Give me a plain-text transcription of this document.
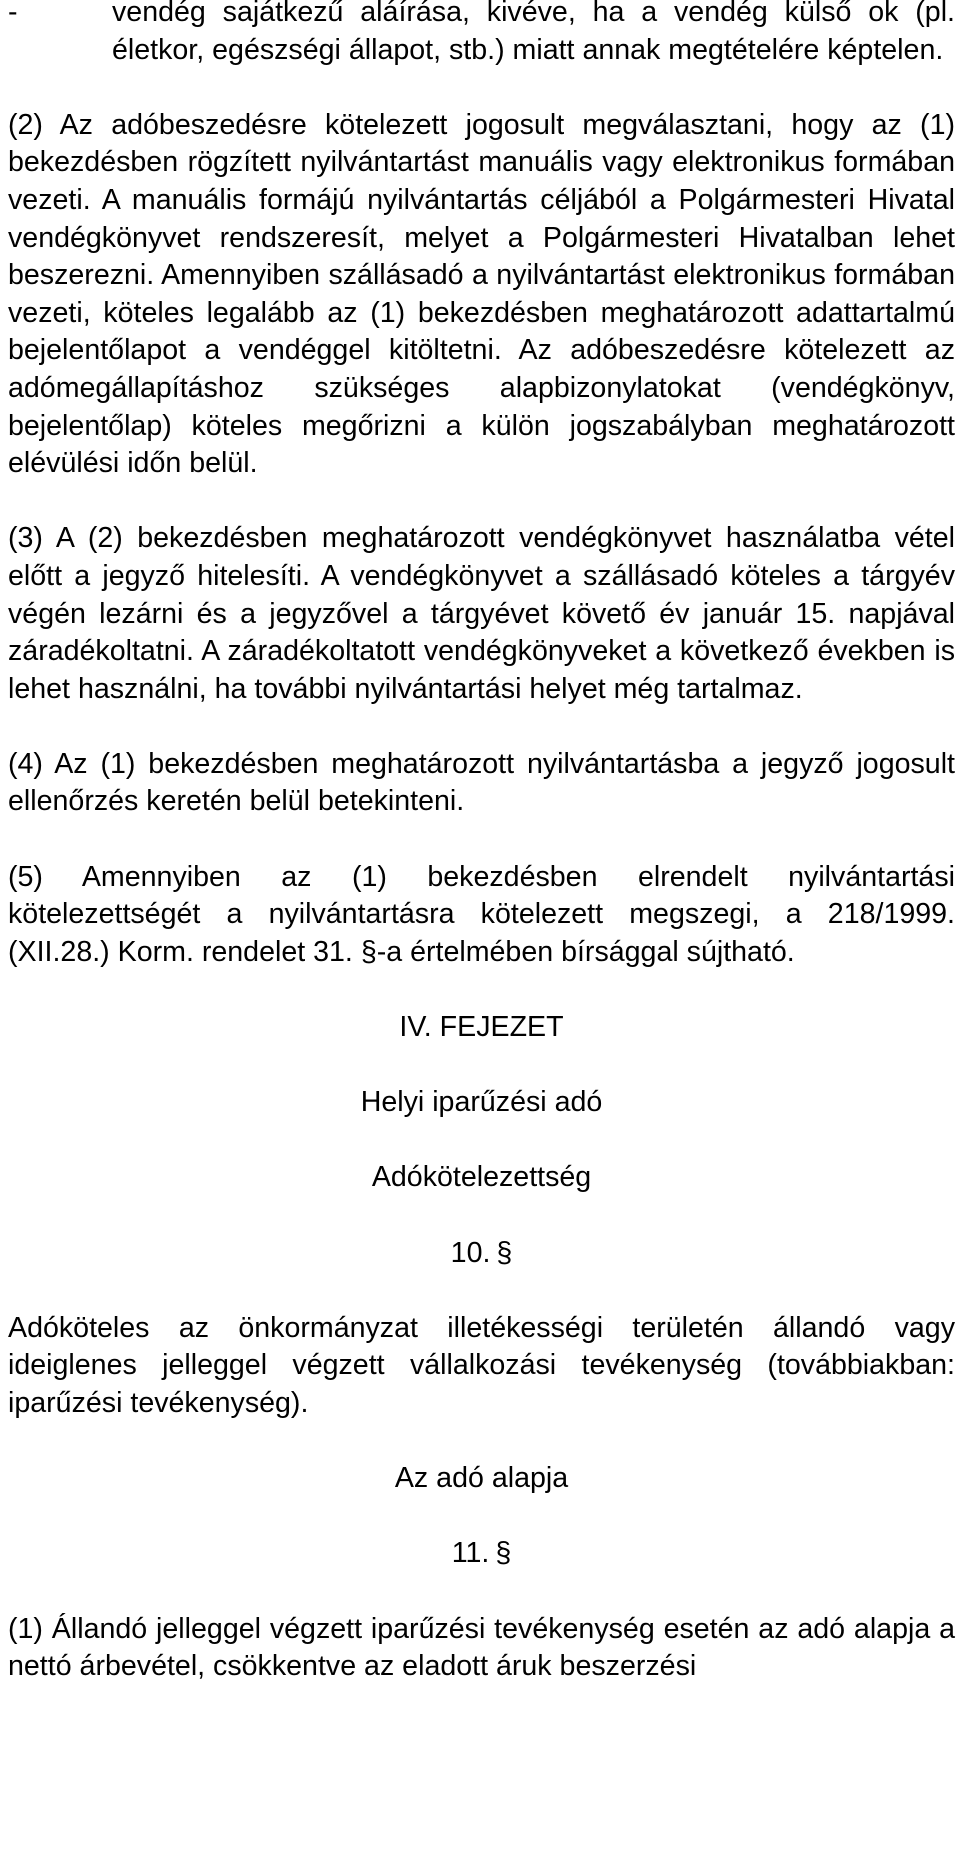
-	vendég sajátkezű aláírása, kivéve, ha a vendég külső ok (pl. életkor, egészségi állapot, stb.) miatt annak megtételére képtelen.

(2) Az adóbeszedésre kötelezett jogosult megválasztani, hogy az (1) bekezdésben rögzített nyilvántartást manuális vagy elektronikus formában vezeti. A manuális formájú nyilvántartás céljából a Polgármesteri Hivatal vendégkönyvet rendszeresít, melyet a Polgármesteri Hivatalban lehet beszerezni. Amennyiben szállásadó a nyilvántartást elektronikus formában vezeti, köteles legalább az (1) bekezdésben meghatározott adattartalmú bejelentőlapot a vendéggel kitöltetni. Az adóbeszedésre kötelezett az adómegállapításhoz szükséges alapbizonylatokat (vendégkönyv, bejelentőlap) köteles megőrizni a külön jogszabályban meghatározott elévülési időn belül.

(3) A (2) bekezdésben meghatározott vendégkönyvet használatba vétel előtt a jegyző hitelesíti. A vendégkönyvet a szállásadó köteles a tárgyév végén lezárni és a jegyzővel a tárgyévet követő év január 15. napjával záradékoltatni. A záradékoltatott vendégkönyveket a következő években is lehet használni, ha további nyilvántartási helyet még tartalmaz.

(4) Az (1) bekezdésben meghatározott nyilvántartásba a jegyző jogosult ellenőrzés keretén belül betekinteni.

(5) Amennyiben az (1) bekezdésben elrendelt nyilvántartási kötelezettségét a nyilvántartásra kötelezett megszegi, a 218/1999. (XII.28.) Korm. rendelet 31. §-a értelmében bírsággal sújtható.

IV. FEJEZET

Helyi iparűzési adó

Adókötelezettség

10. §

Adóköteles az önkormányzat illetékességi területén állandó vagy ideiglenes jelleggel végzett vállalkozási tevékenység (továbbiakban: iparűzési tevékenység).

Az adó alapja

11. §

(1) Állandó jelleggel végzett iparűzési tevékenység esetén az adó alapja a nettó árbevétel, csökkentve az eladott áruk beszerzési
